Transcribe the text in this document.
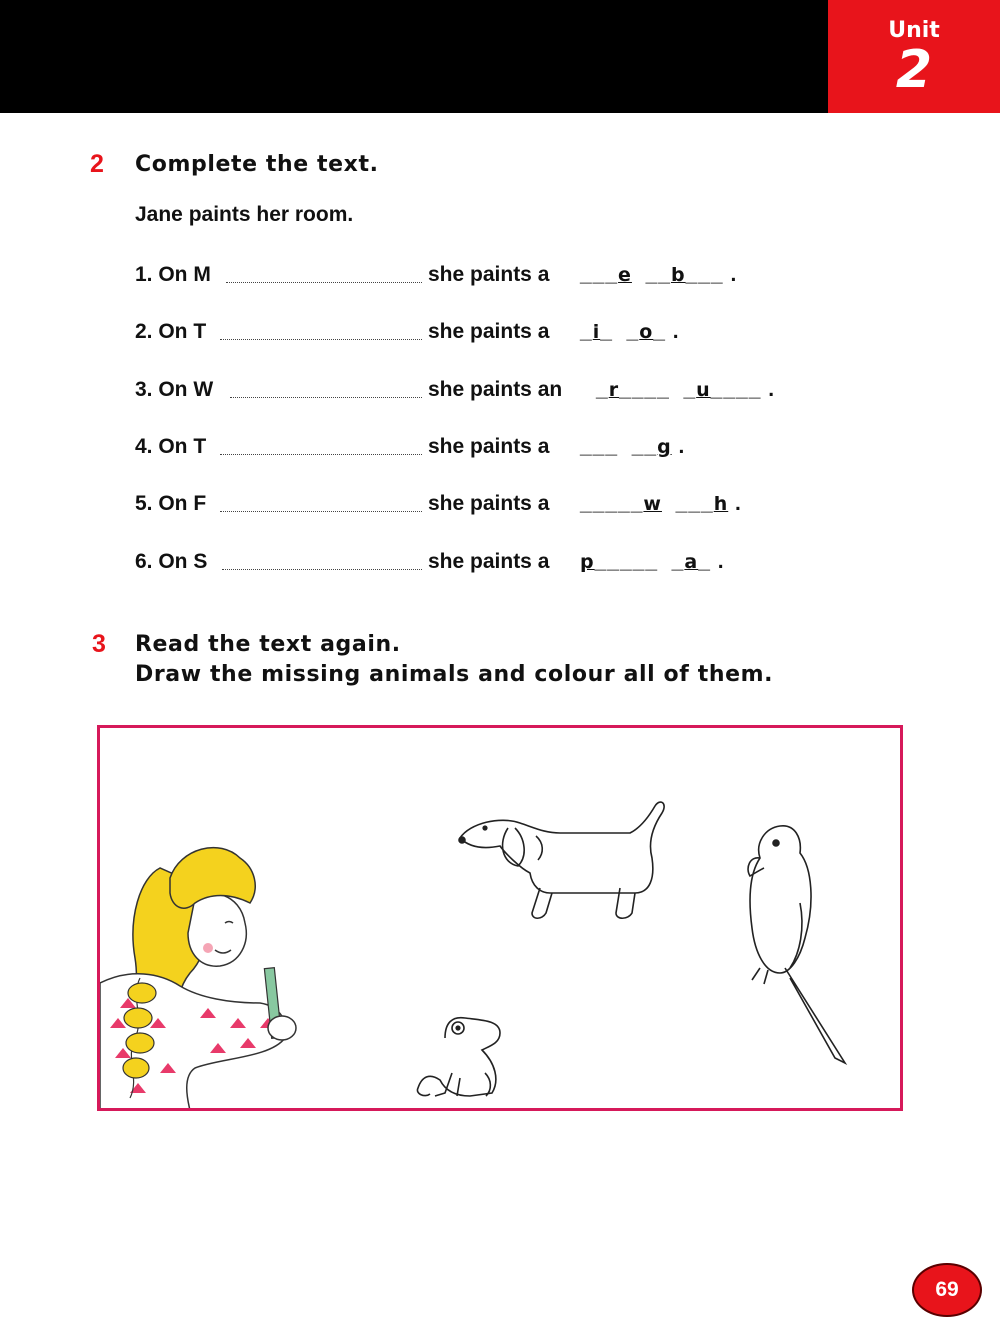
Unit
2
2 Complete the text.
Jane paints her room.
1. On M	she paints a ___e  __b___ .
2. On T	she paints a _i_  _o_ .
3. On W	she paints an _r____  _u____ .
4. On T	she paints a ___  __g .
5. On F	she paints a _____w  ___h .
6. On S	she paints a p_____  _a_ .
3 Read the text again.
Draw the missing animals and colour all of them.
69
